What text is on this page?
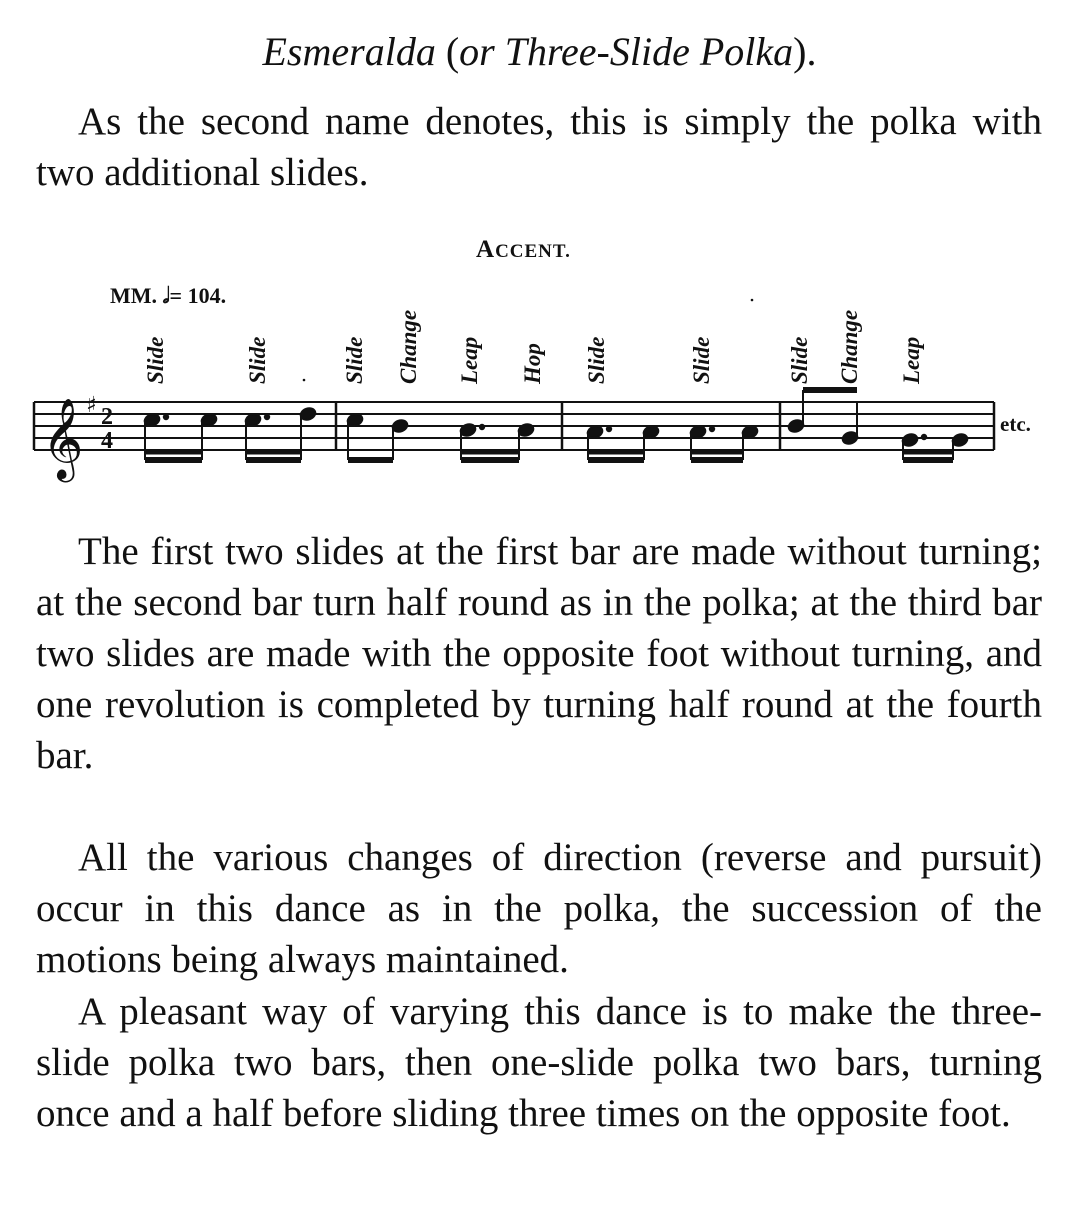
Esmeralda (or Three-Slide Polka).

As the second name denotes, this is simply the polka with two additional slides.

ACCENT.
MM. 𝅗𝅥= 104.
𝄞 ♯ 2
4
etc.
Slide	Slide	Slide Change Leap Hop Slide	Slide	Slide Change Leap

The first two slides at the first bar are made without turning; at the second bar turn half round as in the polka; at the third bar two slides are made with the opposite foot without turning, and one revolution is completed by turning half round at the fourth bar.

All the various changes of direction (reverse and pursuit) occur in this dance as in the polka, the succession of the motions being always maintained.

A pleasant way of varying this dance is to make the three-slide polka two bars, then one-slide polka two bars, turning once and a half before sliding three times on the opposite foot.
